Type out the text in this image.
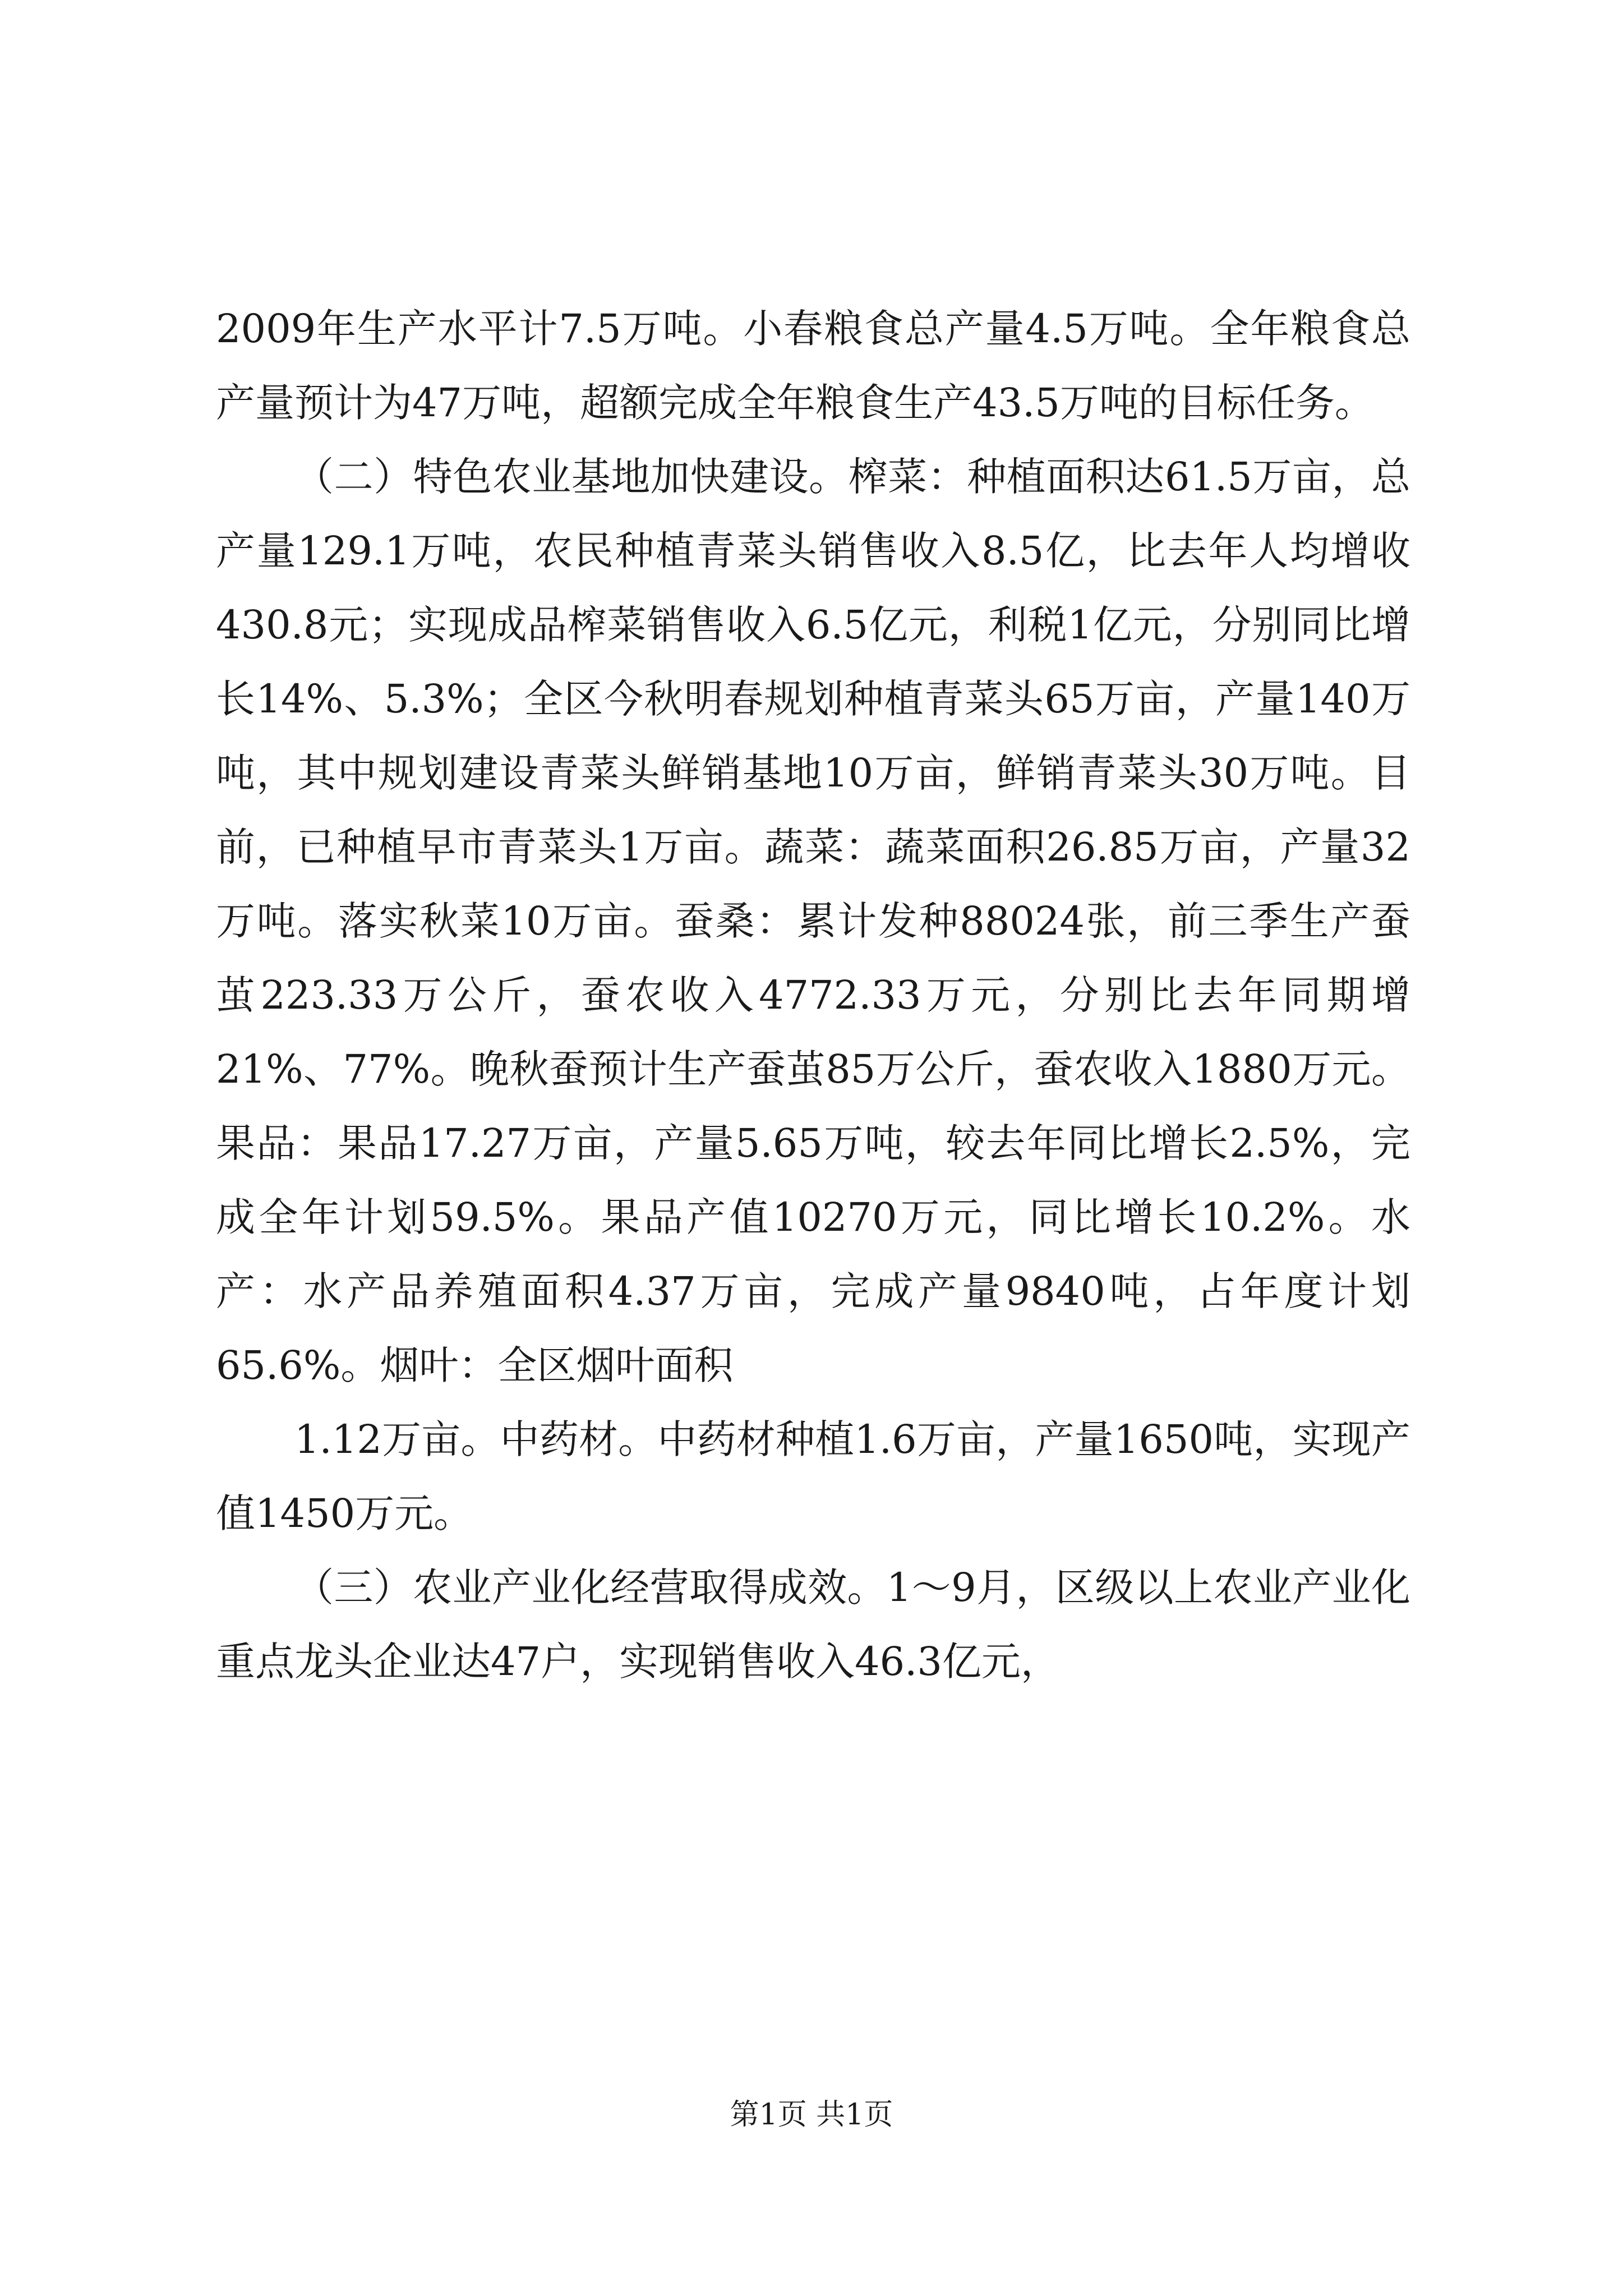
2009年生产水平计7.5万吨。小春粮食总产量4.5万吨。全年粮食总产量预计为47万吨，超额完成全年粮食生产43.5万吨的目标任务。

（二）特色农业基地加快建设。榨菜：种植面积达61.5万亩，总产量129.1万吨，农民种植青菜头销售收入8.5亿，比去年人均增收430.8元；实现成品榨菜销售收入6.5亿元，利税1亿元，分别同比增长14%、5.3%；全区今秋明春规划种植青菜头65万亩，产量140万吨，其中规划建设青菜头鲜销基地10万亩，鲜销青菜头30万吨。目前，已种植早市青菜头1万亩。蔬菜：蔬菜面积26.85万亩，产量32万吨。落实秋菜10万亩。蚕桑：累计发种88024张，前三季生产蚕茧223.33万公斤，蚕农收入4772.33万元，分别比去年同期增21%、77%。晚秋蚕预计生产蚕茧85万公斤，蚕农收入1880万元。果品：果品17.27万亩，产量5.65万吨，较去年同比增长2.5%，完成全年计划59.5%。果品产值10270万元，同比增长10.2%。水产：水产品养殖面积4.37万亩，完成产量9840吨，占年度计划65.6%。烟叶：全区烟叶面积

1.12万亩。中药材。中药材种植1.6万亩，产量1650吨，实现产值1450万元。

（三）农业产业化经营取得成效。1～9月，区级以上农业产业化重点龙头企业达47户，实现销售收入46.3亿元，

第1页 共1页
